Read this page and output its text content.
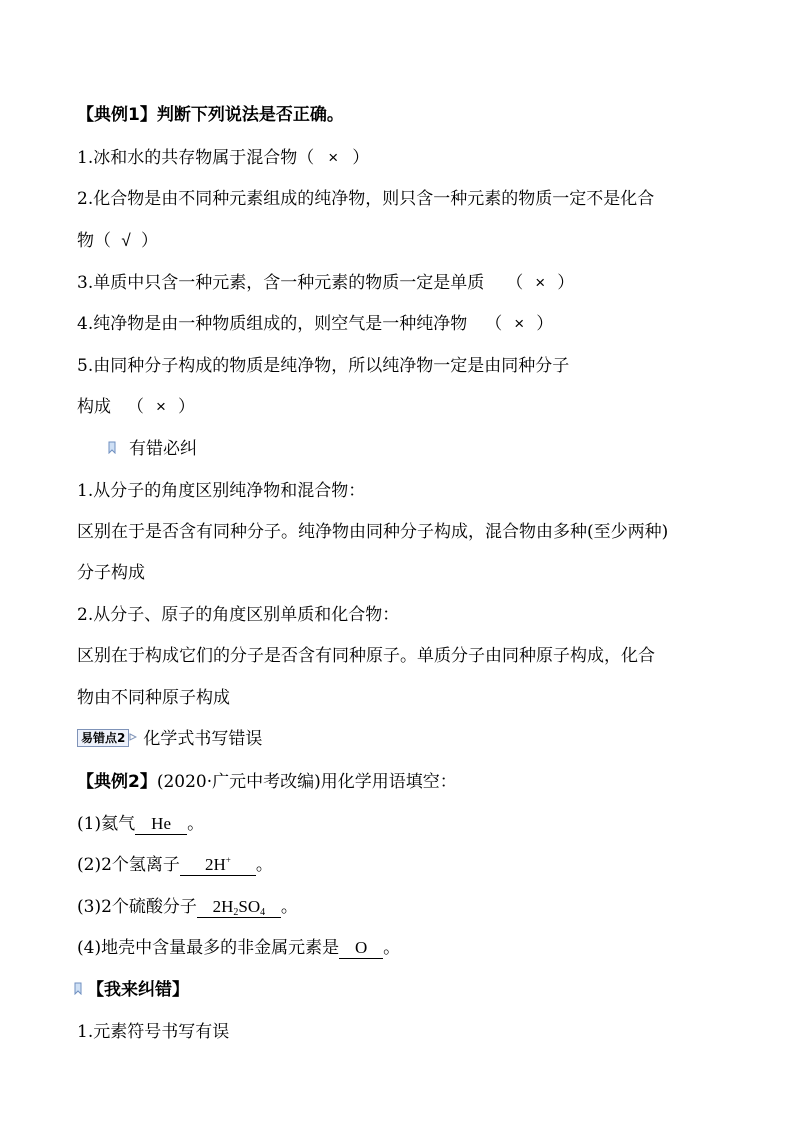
【典例1】判断下列说法是否正确。
1.冰和水的共存物属于混合物（ × ）
2.化合物是由不同种元素组成的纯净物，则只含一种元素的物质一定不是化合
物（ √ ）
3.单质中只含一种元素，含一种元素的物质一定是单质 （ × ）
4.纯净物是由一种物质组成的，则空气是一种纯净物 （ × ）
5.由同种分子构成的物质是纯净物，所以纯净物一定是由同种分子
构成 （ × ）
有错必纠
1.从分子的角度区别纯净物和混合物：
区别在于是否含有同种分子。纯净物由同种分子构成，混合物由多种(至少两种)
分子构成
2.从分子、原子的角度区别单质和化合物：
区别在于构成它们的分子是否含有同种原子。单质分子由同种原子构成，化合
物由不同种原子构成
易错点2 化学式书写错误
【典例2】(2020·广元中考改编)用化学用语填空：
(1)氦气 He 。
(2)2个氢离子 2H+ 。
(3)2个硫酸分子 $2H_2SO_4$ 。
(4)地壳中含量最多的非金属元素是 O 。
【我来纠错】
1.元素符号书写有误
